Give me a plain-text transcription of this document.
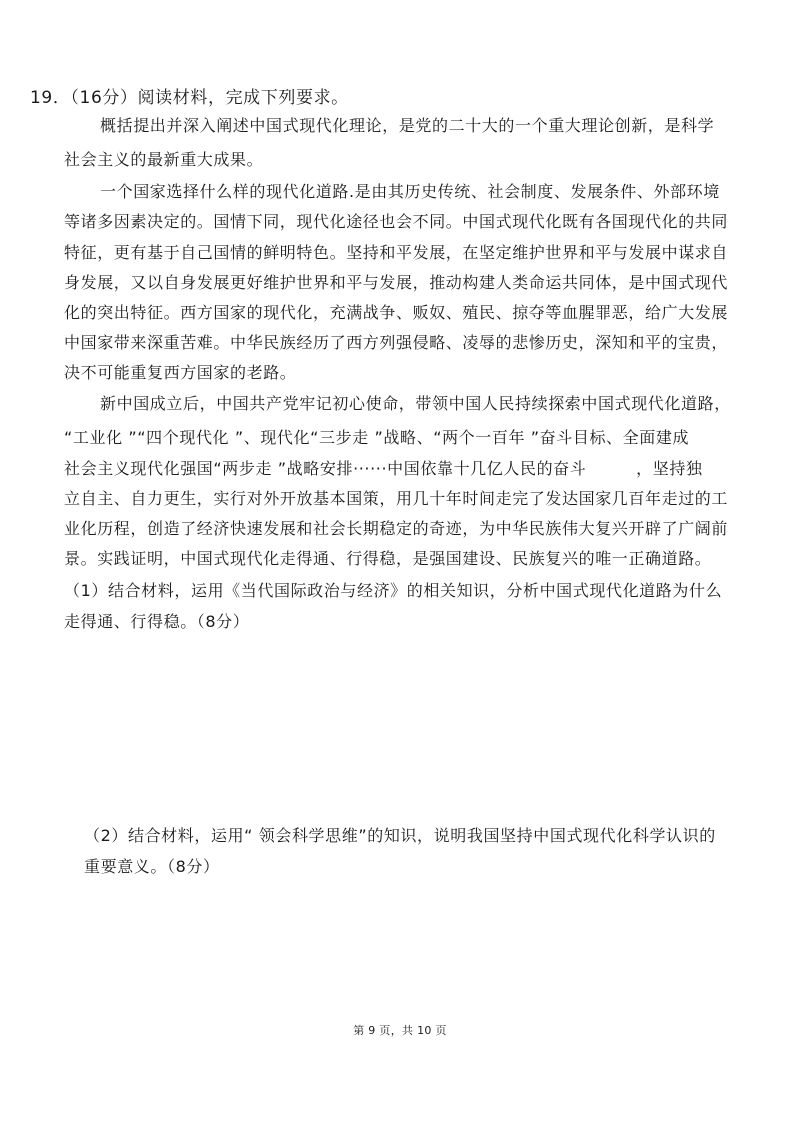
19．（16分）阅读材料，完成下列要求。
概括提出并深入阐述中国式现代化理论，是党的二十大的一个重大理论创新，是科学
社会主义的最新重大成果。
一个国家选择什么样的现代化道路.是由其历史传统、社会制度、发展条件、外部环境
等诸多因素决定的。国情下同，现代化途径也会不同。中国式现代化既有各国现代化的共同
特征，更有基于自己国情的鲜明特色。坚持和平发展，在坚定维护世界和平与发展中谋求自
身发展，又以自身发展更好维护世界和平与发展，推动构建人类命运共同体，是中国式现代
化的突出特征。西方国家的现代化，充满战争、贩奴、殖民、掠夺等血腥罪恶，给广大发展
中国家带来深重苦难。中华民族经历了西方列强侵略、凌辱的悲惨历史，深知和平的宝贵，
决不可能重复西方国家的老路。
新中国成立后，中国共产党牢记初心使命，带领中国人民持续探索中国式现代化道路，
“工业化 ”“四个现代化 ”、现代化“三步走 ”战略、“两个一百年 ”奋斗目标、全面建成
社会主义现代化强国“两步走 ”战略安排······中国依靠十几亿人民的奋斗　　　，坚持独
立自主、自力更生，实行对外开放基本国策，用几十年时间走完了发达国家几百年走过的工
业化历程，创造了经济快速发展和社会长期稳定的奇迹，为中华民族伟大复兴开辟了广阔前
景。实践证明，中国式现代化走得通、行得稳，是强国建设、民族复兴的唯一正确道路。
（1）结合材料，运用《当代国际政治与经济》的相关知识，分析中国式现代化道路为什么
走得通、行得稳。（8分）
（2）结合材料，运用“ 领会科学思维”的知识，说明我国坚持中国式现代化科学认识的
重要意义。（8分）
第 9 页，共 10 页
